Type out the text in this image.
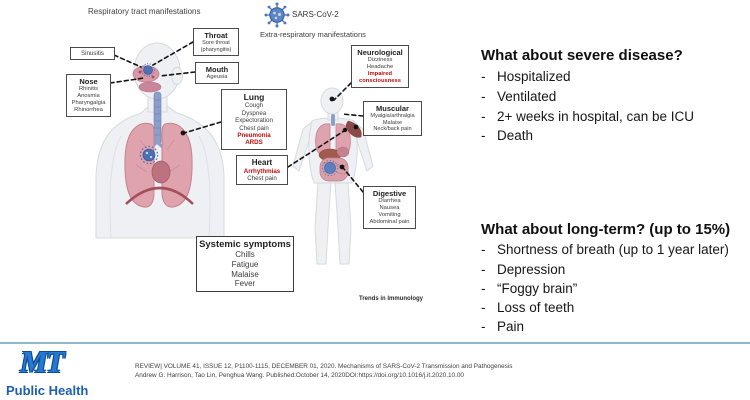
Respiratory tract manifestations	SARS-CoV-2
Extra-respiratory manifestations
Sinusitis
Nose
Rhinitis
Anosmia
Pharyngalgia
Rhinorrhea
Throat
Sore throat
(pharyngitis)
Mouth
Ageusia
Lung
Cough
Dyspnea
Expectoration
Chest pain
Pneumonia
ARDS
Heart
Arrhythmias
Chest pain
Neurological
Dizziness
Headache
Impaired
consciousness
Muscular
Myalgia/arthralgia
Malaise
Neck/back pain
Digestive
Diarrhea
Nausea
Vomiting
Abdominal pain
Systemic symptoms
Chills
Fatigue
Malaise
Fever
Trends in Immunology
What about severe disease?
- Hospitalized
- Ventilated
- 2+ weeks in hospital, can be ICU
- Death
What about long-term? (up to 15%)
- Shortness of breath (up to 1 year later)
- Depression
- “Foggy brain”
- Loss of teeth
- Pain
MT
Public Health
REVIEW| VOLUME 41, ISSUE 12, P1100-1115, DECEMBER 01, 2020. Mechanisms of SARS-CoV-2 Transmission and Pathogenesis
Andrew G. Harrison, Tao Lin, Penghua Wang. Published:October 14, 2020DOI:https://doi.org/10.1016/j.it.2020.10.00
